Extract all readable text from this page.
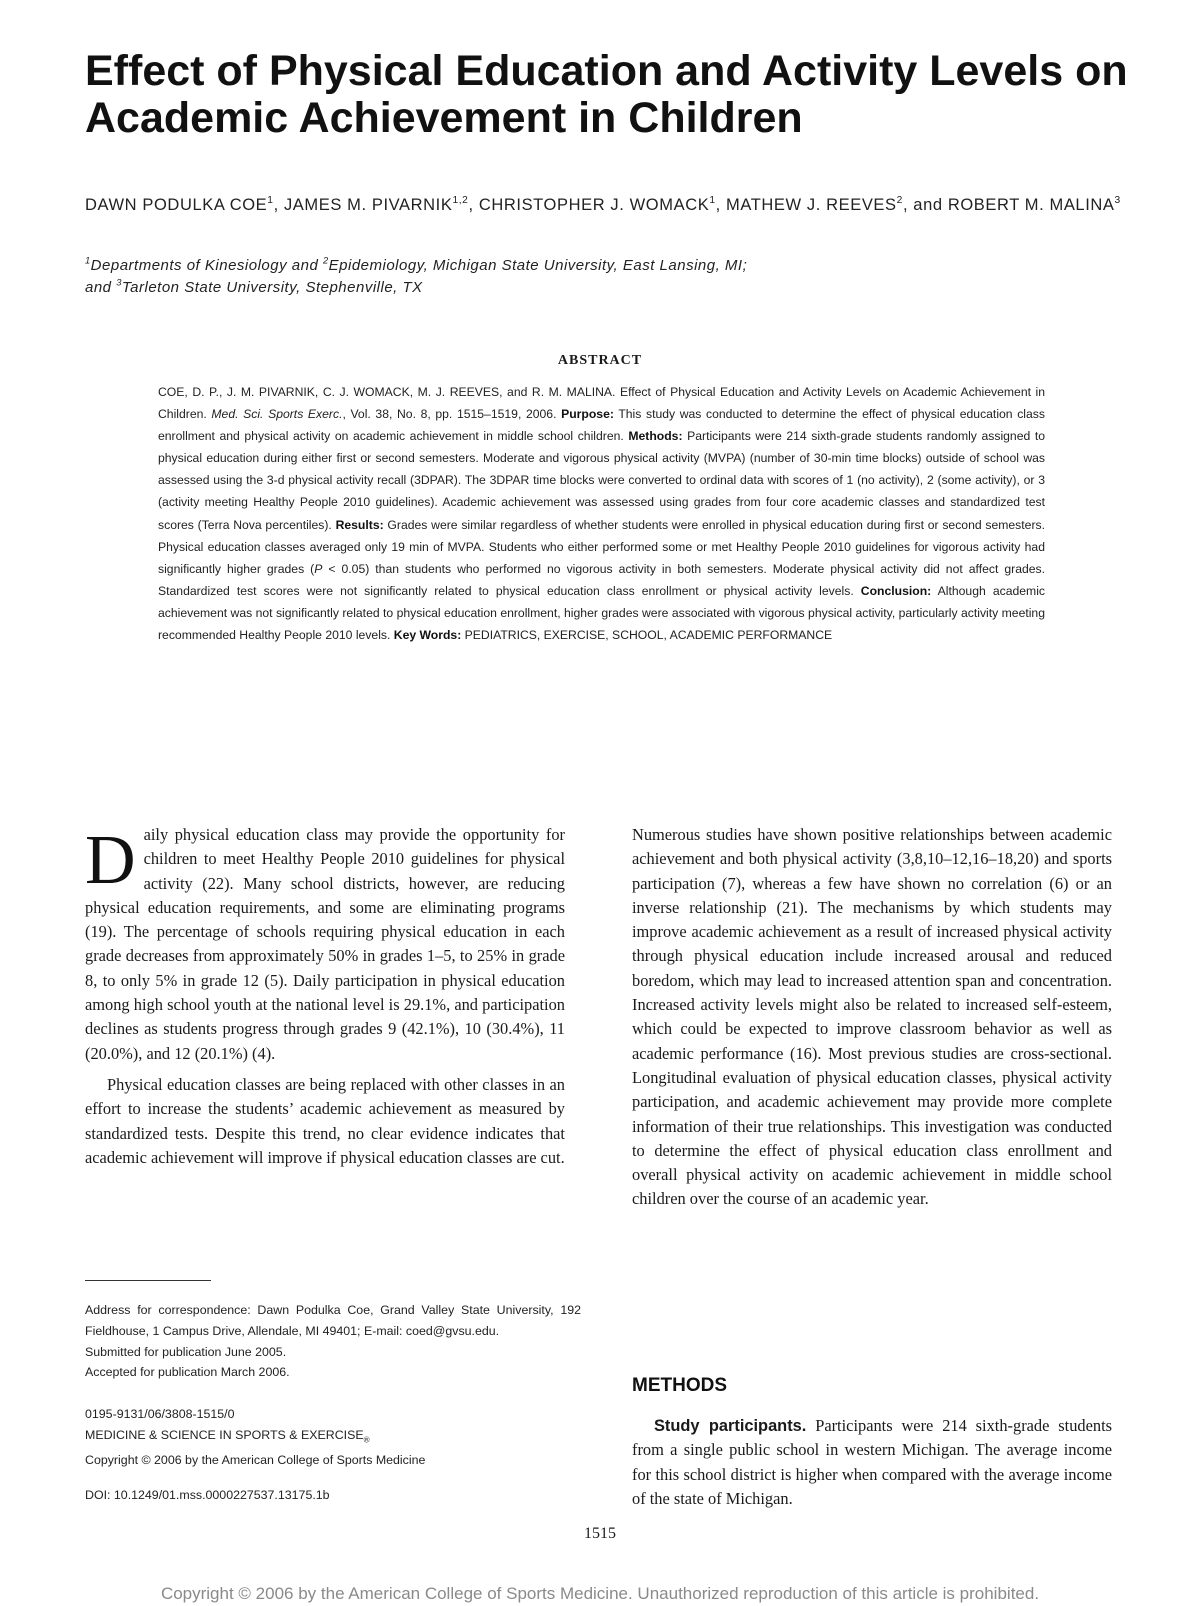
Effect of Physical Education and Activity Levels on Academic Achievement in Children
DAWN PODULKA COE$^1$, JAMES M. PIVARNIK$^{1,2}$, CHRISTOPHER J. WOMACK$^1$, MATHEW J. REEVES$^2$, and ROBERT M. MALINA$^3$
$^1$Departments of Kinesiology and $^2$Epidemiology, Michigan State University, East Lansing, MI;
and $^3$Tarleton State University, Stephenville, TX
ABSTRACT
COE, D. P., J. M. PIVARNIK, C. J. WOMACK, M. J. REEVES, and R. M. MALINA. Effect of Physical Education and Activity Levels on Academic Achievement in Children. Med. Sci. Sports Exerc., Vol. 38, No. 8, pp. 1515–1519, 2006. Purpose: This study was conducted to determine the effect of physical education class enrollment and physical activity on academic achievement in middle school children. Methods: Participants were 214 sixth-grade students randomly assigned to physical education during either first or second semesters. Moderate and vigorous physical activity (MVPA) (number of 30-min time blocks) outside of school was assessed using the 3-d physical activity recall (3DPAR). The 3DPAR time blocks were converted to ordinal data with scores of 1 (no activity), 2 (some activity), or 3 (activity meeting Healthy People 2010 guidelines). Academic achievement was assessed using grades from four core academic classes and standardized test scores (Terra Nova percentiles). Results: Grades were similar regardless of whether students were enrolled in physical education during first or second semesters. Physical education classes averaged only 19 min of MVPA. Students who either performed some or met Healthy People 2010 guidelines for vigorous activity had significantly higher grades (P < 0.05) than students who performed no vigorous activity in both semesters. Moderate physical activity did not affect grades. Standardized test scores were not significantly related to physical education class enrollment or physical activity levels. Conclusion: Although academic achievement was not significantly related to physical education enrollment, higher grades were associated with vigorous physical activity, particularly activity meeting recommended Healthy People 2010 levels. Key Words: PEDIATRICS, EXERCISE, SCHOOL, ACADEMIC PERFORMANCE

Daily physical education class may provide the opportunity for children to meet Healthy People 2010 guidelines for physical activity (22). Many school districts, however, are reducing physical education requirements, and some are eliminating programs (19). The percentage of schools requiring physical education in each grade decreases from approximately 50% in grades 1–5, to 25% in grade 8, to only 5% in grade 12 (5). Daily participation in physical education among high school youth at the national level is 29.1%, and participation declines as students progress through grades 9 (42.1%), 10 (30.4%), 11 (20.0%), and 12 (20.1%) (4).

Physical education classes are being replaced with other classes in an effort to increase the students’ academic achievement as measured by standardized tests. Despite this trend, no clear evidence indicates that academic achievement will improve if physical education classes are cut.

Numerous studies have shown positive relationships between academic achievement and both physical activity (3,8,10–12,16–18,20) and sports participation (7), whereas a few have shown no correlation (6) or an inverse relationship (21). The mechanisms by which students may improve academic achievement as a result of increased physical activity through physical education include increased arousal and reduced boredom, which may lead to increased attention span and concentration. Increased activity levels might also be related to increased self-esteem, which could be expected to improve classroom behavior as well as academic performance (16). Most previous studies are cross-sectional. Longitudinal evaluation of physical education classes, physical activity participation, and academic achievement may provide more complete information of their true relationships. This investigation was conducted to determine the effect of physical education class enrollment and overall physical activity on academic achievement in middle school children over the course of an academic year.

METHODS

Study participants. Participants were 214 sixth-grade students from a single public school in western Michigan. The average income for this school district is higher when compared with the average income of the state of Michigan.

Address for correspondence: Dawn Podulka Coe, Grand Valley State University, 192 Fieldhouse, 1 Campus Drive, Allendale, MI 49401; E-mail: coed@gvsu.edu.

Submitted for publication June 2005.

Accepted for publication March 2006.

0195-9131/06/3808-1515/0

MEDICINE & SCIENCE IN SPORTS & $EXERCISE_®$

Copyright © 2006 by the American College of Sports Medicine

DOI: 10.1249/01.mss.0000227537.13175.1b
1515
Copyright © 2006 by the American College of Sports Medicine. Unauthorized reproduction of this article is prohibited.
